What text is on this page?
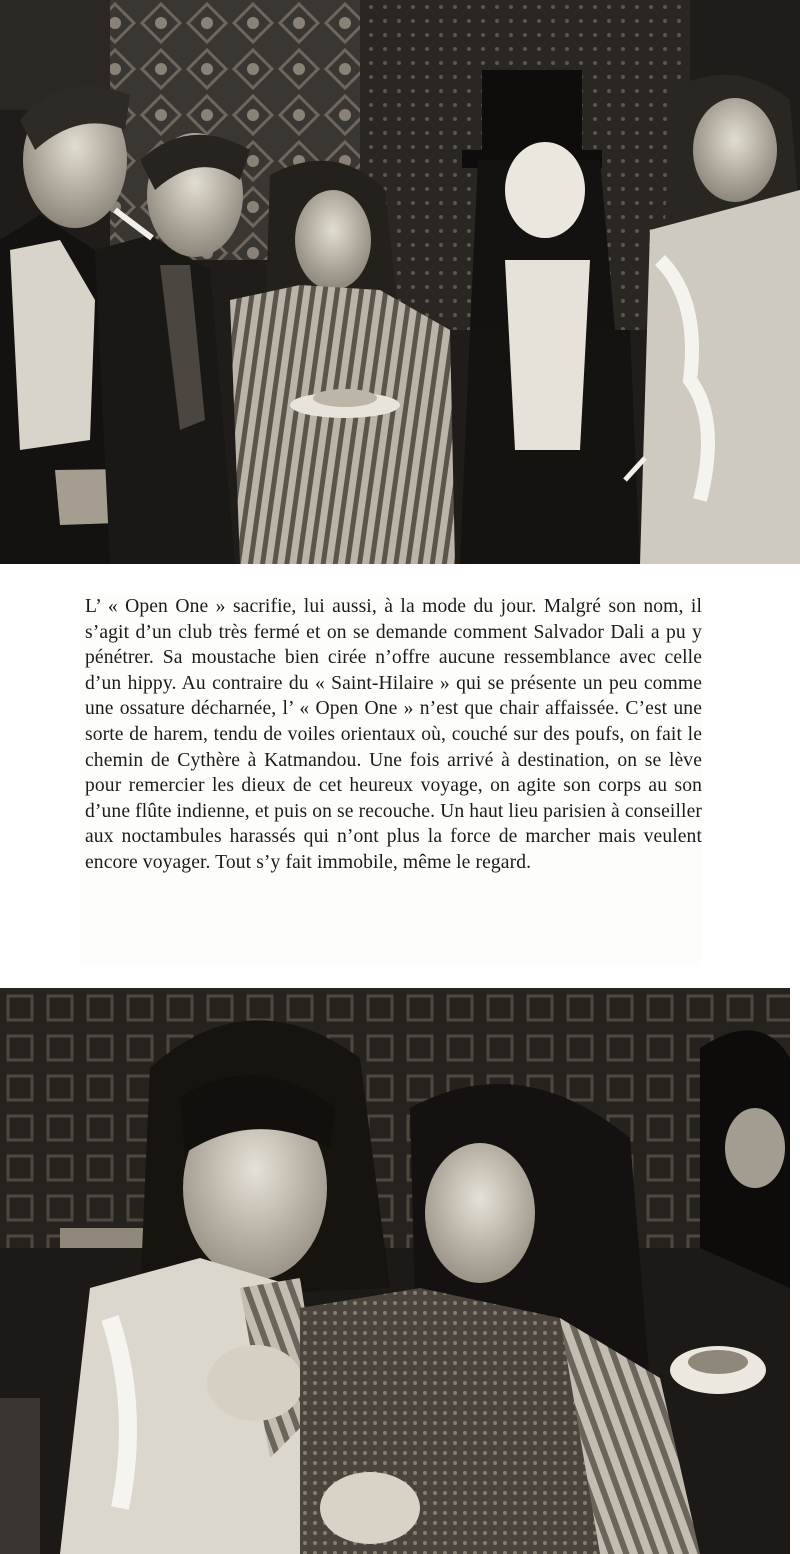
L’ « Open One » sacrifie, lui aussi, à la mode du jour. Malgré son nom, il s’agit d’un club très fermé et on se demande comment Salvador Dali a pu y pénétrer. Sa moustache bien cirée n’offre aucune ressemblance avec celle d’un hippy. Au contraire du « Saint-Hilaire » qui se présente un peu comme une ossature décharnée, l’ « Open One » n’est que chair affaissée. C’est une sorte de harem, tendu de voiles orientaux où, couché sur des poufs, on fait le chemin de Cythère à Katmandou. Une fois arrivé à destination, on se lève pour remercier les dieux de cet heureux voyage, on agite son corps au son d’une flûte indienne, et puis on se recouche. Un haut lieu parisien à conseiller aux noctambules harassés qui n’ont plus la force de marcher mais veulent encore voyager. Tout s’y fait immobile, même le regard.
